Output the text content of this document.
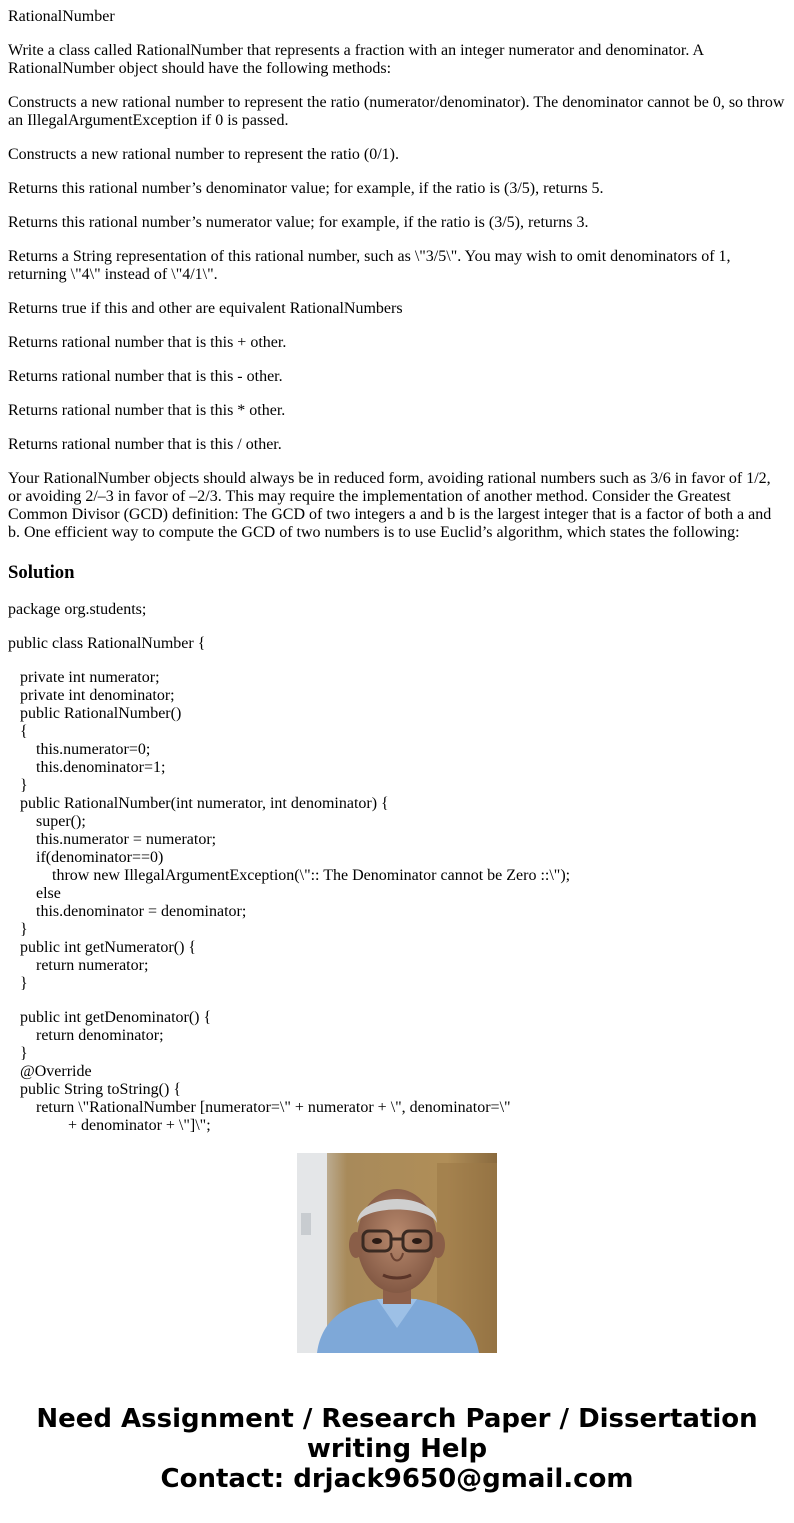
RationalNumber

Write a class called RationalNumber that represents a fraction with an integer numerator and denominator. A RationalNumber object should have the following methods:

Constructs a new rational number to represent the ratio (numerator/denominator). The denominator cannot be 0, so throw an IllegalArgumentException if 0 is passed.

Constructs a new rational number to represent the ratio (0/1).

Returns this rational number’s denominator value; for example, if the ratio is (3/5), returns 5.

Returns this rational number’s numerator value; for example, if the ratio is (3/5), returns 3.

Returns a String representation of this rational number, such as \"3/5\". You may wish to omit denominators of 1, returning \"4\" instead of \"4/1\".

Returns true if this and other are equivalent RationalNumbers

Returns rational number that is this + other.

Returns rational number that is this - other.

Returns rational number that is this * other.

Returns rational number that is this / other.

Your RationalNumber objects should always be in reduced form, avoiding rational numbers such as 3/6 in favor of 1/2, or avoiding 2/–3 in favor of –2/3. This may require the implementation of another method. Consider the Greatest Common Divisor (GCD) definition: The GCD of two integers a and b is the largest integer that is a factor of both a and b. One efficient way to compute the GCD of two numbers is to use Euclid’s algorithm, which states the following:

Solution
package org.students;
public class RationalNumber {
private int numerator;
private int denominator;
public RationalNumber()
{
this.numerator=0;
this.denominator=1;
}
public RationalNumber(int numerator, int denominator) {
super();
this.numerator = numerator;
if(denominator==0)
throw new IllegalArgumentException(\":: The Denominator cannot be Zero ::\");
else
this.denominator = denominator;
}
public int getNumerator() {
return numerator;
}
public int getDenominator() {
return denominator;
}
@Override
public String toString() {
return \"RationalNumber [numerator=\" + numerator + \", denominator=\"
+ denominator + \"]\";
Need Assignment / Research Paper / Dissertation
writing Help
Contact: drjack9650@gmail.com
